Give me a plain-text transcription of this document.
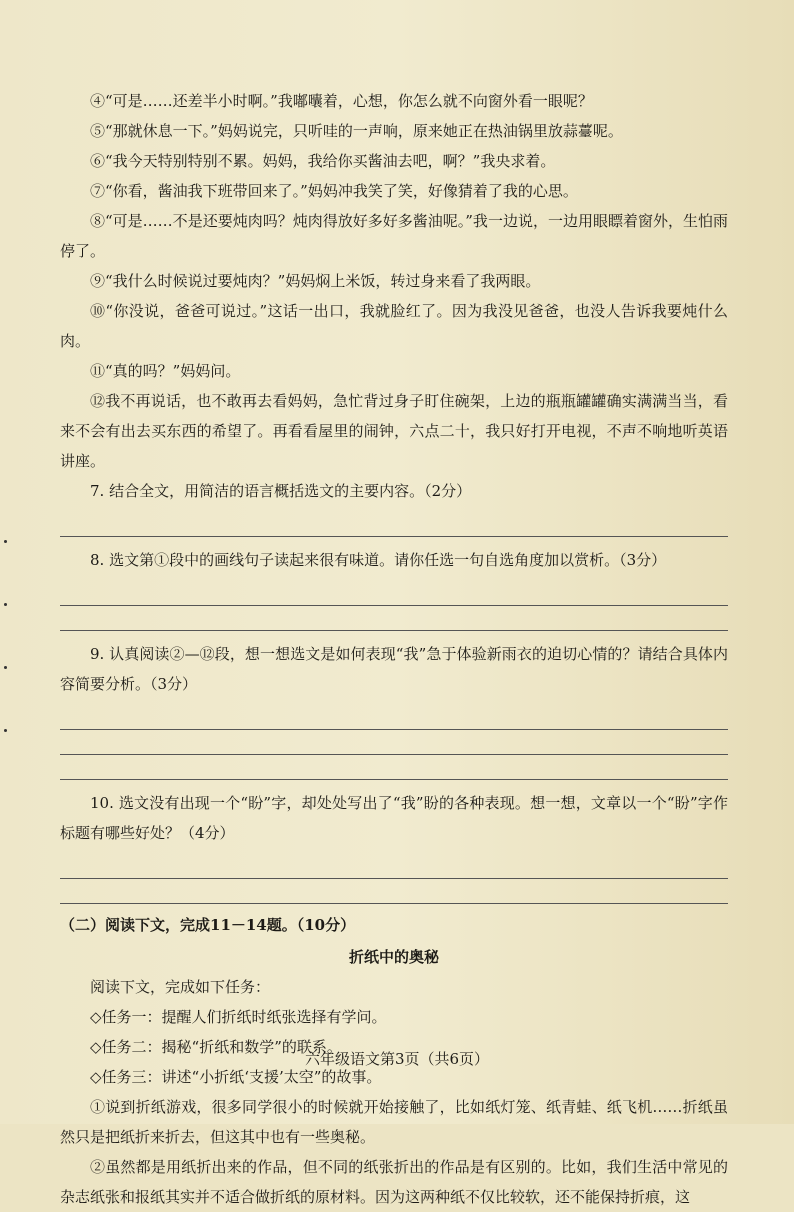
④“可是……还差半小时啊。”我嘟囔着，心想，你怎么就不向窗外看一眼呢？

⑤“那就休息一下。”妈妈说完，只听哇的一声响，原来她正在热油锅里放蒜薹呢。

⑥“我今天特别特别不累。妈妈，我给你买酱油去吧，啊？”我央求着。

⑦“你看，酱油我下班带回来了。”妈妈冲我笑了笑，好像猜着了我的心思。

⑧“可是……不是还要炖肉吗？炖肉得放好多好多酱油呢。”我一边说，一边用眼瞟着窗外，生怕雨停了。

⑨“我什么时候说过要炖肉？”妈妈焖上米饭，转过身来看了我两眼。

⑩“你没说，爸爸可说过。”这话一出口，我就脸红了。因为我没见爸爸，也没人告诉我要炖什么肉。

⑪“真的吗？”妈妈问。

⑫我不再说话，也不敢再去看妈妈，急忙背过身子盯住碗架，上边的瓶瓶罐罐确实满满当当，看来不会有出去买东西的希望了。再看看屋里的闹钟，六点二十，我只好打开电视，不声不响地听英语讲座。

7. 结合全文，用简洁的语言概括选文的主要内容。（2分）

8. 选文第①段中的画线句子读起来很有味道。请你任选一句自选角度加以赏析。（3分）

9. 认真阅读②—⑫段，想一想选文是如何表现“我”急于体验新雨衣的迫切心情的？请结合具体内容简要分析。（3分）

10. 选文没有出现一个“盼”字，却处处写出了“我”盼的各种表现。想一想，文章以一个“盼”字作标题有哪些好处？（4分）

（二）阅读下文，完成11－14题。（10分）

折纸中的奥秘

阅读下文，完成如下任务：

◇任务一：提醒人们折纸时纸张选择有学问。

◇任务二：揭秘“折纸和数学”的联系。

◇任务三：讲述“小折纸‘支援’太空”的故事。

①说到折纸游戏，很多同学很小的时候就开始接触了，比如纸灯笼、纸青蛙、纸飞机……折纸虽然只是把纸折来折去，但这其中也有一些奥秘。

②虽然都是用纸折出来的作品，但不同的纸张折出的作品是有区别的。比如，我们生活中常见的杂志纸张和报纸其实并不适合做折纸的原材料。因为这两种纸不仅比较软，还不能保持折痕，这

六年级语文第3页（共6页）
